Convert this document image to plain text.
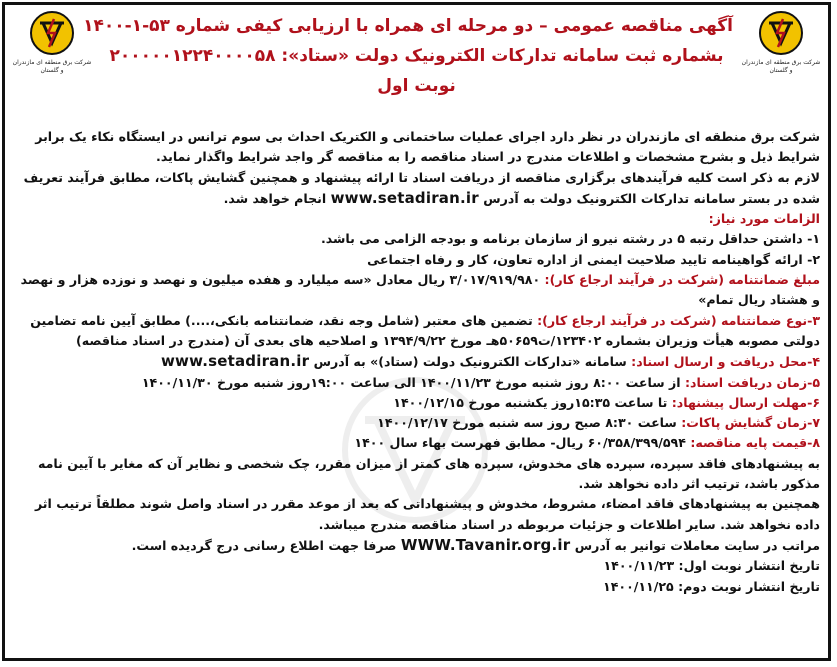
شرکت برق منطقه ای مازندران و گلستان
آگهی مناقصه عمومی – دو مرحله ای همراه با ارزیابی کیفی شماره ۵۳-۱-۱۴۰۰
بشماره ثبت سامانه تدارکات الکترونیک دولت «ستاد»: ۲۰۰۰۰۰۱۲۲۴۰۰۰۰۵۸
نوبت اول
شرکت برق منطقه ای مازندران و گلستان

شرکت برق منطقه ای مازندران در نظر دارد اجرای عملیات ساختمانی و الکتریک احداث بی سوم ترانس در ایستگاه نکاء یک برابر شرایط ذیل و بشرح مشخصات و اطلاعات مندرج در اسناد مناقصه را به مناقصه گر واجد شرایط واگذار نماید.

لازم به ذکر است کلیه فرآیندهای برگزاری مناقصه از دریافت اسناد تا ارائه پیشنهاد و همچنین گشایش پاکات، مطابق فرآیند تعریف شده در بستر سامانه تدارکات الکترونیک دولت به آدرس www.setadiran.ir انجام خواهد شد.

الزامات مورد نیاز:

۱- داشتن حداقل رتبه ۵ در رشته نیرو از سازمان برنامه و بودجه الزامی می باشد.

۲- ارائه گواهینامه تایید صلاحیت ایمنی از اداره تعاون، کار و رفاه اجتماعی

مبلغ ضمانتنامه (شرکت در فرآیند ارجاع کار): ۳/۰۱۷/۹۱۹/۹۸۰ ریال معادل «سه میلیارد و هفده میلیون و نهصد و نوزده هزار و نهصد و هشتاد ریال تمام»

۳-نوع ضمانتنامه (شرکت در فرآیند ارجاع کار): تضمین های معتبر (شامل وجه نقد، ضمانتنامه بانکی،....) مطابق آیین نامه تضامین دولتی مصوبه هیأت وزیران بشماره ۱۲۳۴۰۲/ت۵۰۶۵۹هـ مورخ ۱۳۹۴/۹/۲۲ و اصلاحیه های بعدی آن (مندرج در اسناد مناقصه)

۴-محل دریافت و ارسال اسناد: سامانه «تدارکات الکترونیک دولت (ستاد)» به آدرس www.setadiran.ir

۵-زمان دریافت اسناد: از ساعت ۸:۰۰ روز شنبه مورخ ۱۴۰۰/۱۱/۲۳ الی ساعت ۱۹:۰۰روز شنبه مورخ ۱۴۰۰/۱۱/۳۰

۶-مهلت ارسال پیشنهاد: تا ساعت ۱۵:۳۵روز یکشنبه مورخ ۱۴۰۰/۱۲/۱۵

۷-زمان گشایش پاکات: ساعت ۸:۳۰ صبح روز سه شنبه مورخ ۱۴۰۰/۱۲/۱۷

۸-قیمت پایه مناقصه: ۶۰/۳۵۸/۳۹۹/۵۹۴ ریال- مطابق فهرست بهاء سال ۱۴۰۰

به پیشنهادهای فاقد سپرده، سپرده های مخدوش، سپرده های کمتر از میزان مقرر، چک شخصی و نظایر آن که مغایر با آیین نامه مذکور باشد، ترتیب اثر داده نخواهد شد.

همچنین به پیشنهادهای فاقد امضاء، مشروط، مخدوش و پیشنهاداتی که بعد از موعد مقرر در اسناد واصل شوند مطلقاً ترتیب اثر داده نخواهد شد. سایر اطلاعات و جزئیات مربوطه در اسناد مناقصه مندرج میباشد.

مراتب در سایت معاملات توانیر به آدرس WWW.Tavanir.org.ir صرفا جهت اطلاع رسانی درج گردیده است.

تاریخ انتشار نوبت اول: ۱۴۰۰/۱۱/۲۳

تاریخ انتشار نوبت دوم: ۱۴۰۰/۱۱/۲۵
